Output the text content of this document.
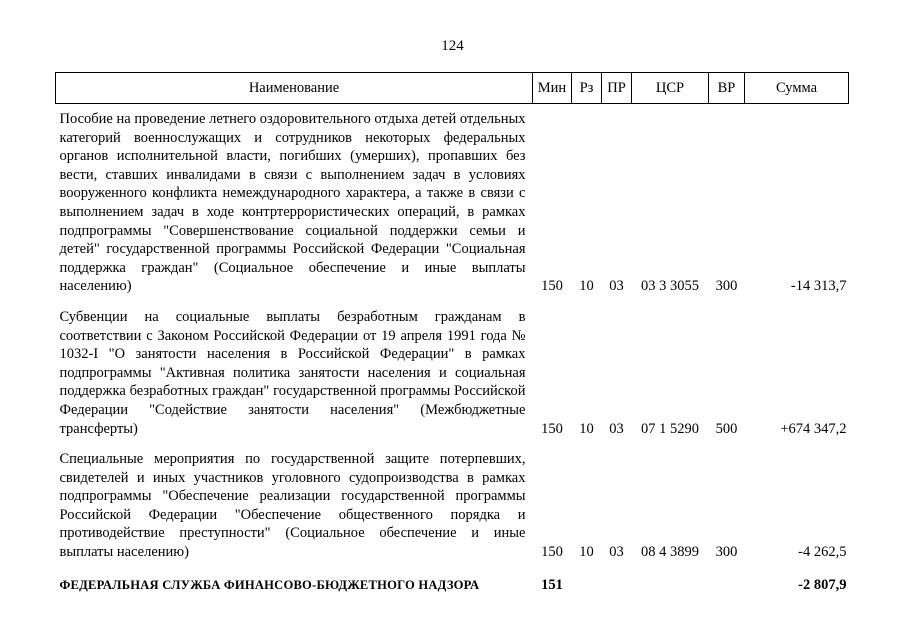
124
Наименование	Мин	Рз	ПР	ЦСР	ВР	Сумма
Пособие на проведение летнего оздоровительного отдыха детей отдельных категорий военнослужащих и сотрудников некоторых федеральных органов исполнительной власти, погибших (умерших), пропавших без вести, ставших инвалидами в связи с выполнением задач в условиях вооруженного конфликта немеждународного характера, а также в связи с выполнением задач в ходе контртеррористических операций, в рамках подпрограммы "Совершенствование социальной поддержки семьи и детей" государственной программы Российской Федерации "Социальная поддержка граждан" (Социальное обеспечение и иные выплаты населению)	150	10	03	03 3 3055	300	-14 313,7
Субвенции на социальные выплаты безработным гражданам в соответствии с Законом Российской Федерации от 19 апреля 1991 года № 1032-I "О занятости населения в Российской Федерации" в рамках подпрограммы "Активная политика занятости населения и социальная поддержка безработных граждан" государственной программы Российской Федерации "Содействие занятости населения" (Межбюджетные трансферты)	150	10	03	07 1 5290	500	+674 347,2
Специальные мероприятия по государственной защите потерпевших, свидетелей и иных участников уголовного судопроизводства в рамках подпрограммы "Обеспечение реализации государственной программы Российской Федерации "Обеспечение общественного порядка и противодействие преступности" (Социальное обеспечение и иные выплаты населению)	150	10	03	08 4 3899	300	-4 262,5
ФЕДЕРАЛЬНАЯ СЛУЖБА ФИНАНСОВО-БЮДЖЕТНОГО НАДЗОРА	151					-2 807,9
